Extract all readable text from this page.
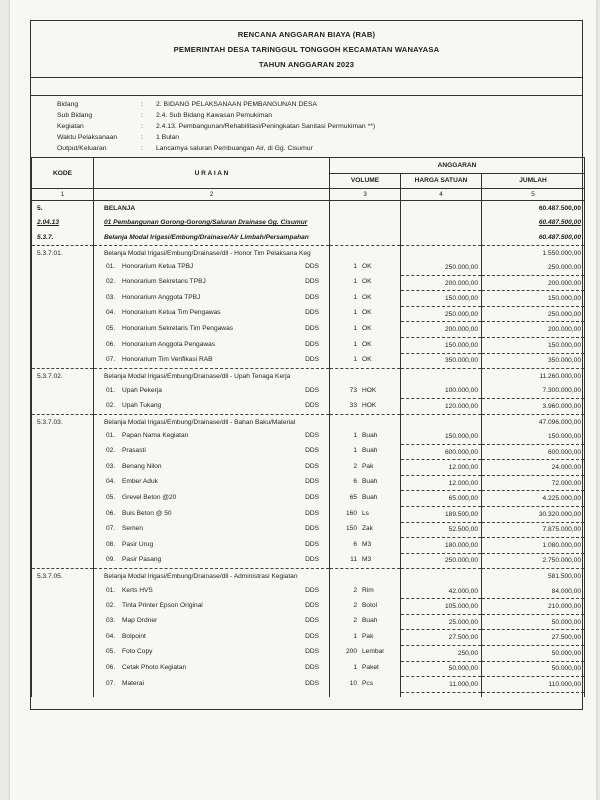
RENCANA ANGGARAN BIAYA (RAB)
PEMERINTAH DESA TARINGGUL TONGGOH KECAMATAN WANAYASA
TAHUN ANGGARAN 2023
Bidang	: 2. BIDANG PELAKSANAAN PEMBANGUNAN DESA
Sub Bidang	: 2.4. Sub Bidang Kawasan Pemukiman
Kegiatan	: 2.4.13. Pembangunan/Rehabilitasi/Peningkatan Sanitasi Permukiman **)
Waktu Pelaksanaan	: 1 Bulan
Output/Keluaran	: Lancarnya saluran Pembuangan Air, di Gg. Cisumur
KODE	U R A I A N	ANGGARAN		
		VOLUME	HARGA SATUAN	JUMLAH
1	2	3	4	5
5.	BELANJA			60.487.500,00
2.04.13	01 Pembangunan Gorong-Gorong/Saluran Drainase Gg. Cisumur			60.487.500,00
5.3.7.	Belanja Modal Irigasi/Embung/Drainase/Air Limbah/Persampahan			60.487.500,00
5.3.7.01.	Belanja Modal Irigasi/Embung/Drainase/dll - Honor Tim Pelaksana Keg			1.550.000,00

	01. Honorarium Ketua TPBJ DDS	1 OK	250.000,00	250.000,00

	02. Honorarium Sekretaris TPBJ DDS	1 OK	200.000,00	200.000,00

	03. Honorarium Anggota TPBJ DDS	1 OK	150.000,00	150.000,00

	04. Honorarium Ketua Tim Pengawas DDS	1 OK	250.000,00	250.000,00

	05. Honorarium Sekretaris Tim Pengawas DDS	1 OK	200.000,00	200.000,00

	06. Honorarium Anggota Pengawas DDS	1 OK	150.000,00	150.000,00

	07. Honorarium Tim Verifikasi RAB DDS	1 OK	350.000,00	350.000,00
5.3.7.02.	Belanja Modal Irigasi/Embung/Drainase/dll - Upah Tenaga Kerja			11.260.000,00

	01. Upah Pekerja DDS	73 HOK	100.000,00	7.300.000,00

	02. Upah Tukang DDS	33 HOK	120.000,00	3.960.000,00
5.3.7.03.	Belanja Modal Irigasi/Embung/Drainase/dll - Bahan Baku/Material			47.096.000,00

	01. Papan Nama Kegiatan DDS	1 Buah	150.000,00	150.000,00

	02. Prasasti DDS	1 Buah	600.000,00	600.000,00

	03. Benang Nilon DDS	2 Pak	12.000,00	24.000,00

	04. Ember Aduk DDS	6 Buah	12.000,00	72.000,00

	05. Grevel Beton @20 DDS	65 Buah	65.000,00	4.225.000,00

	06. Buis Beton @ 50 DDS	160 Ls	189.500,00	30.320.000,00

	07. Semen DDS	150 Zak	52.500,00	7.875.000,00

	08. Pasir Urug DDS	6 M3	180.000,00	1.080.000,00

	09. Pasir Pasang DDS	11 M3	250.000,00	2.750.000,00
5.3.7.05.	Belanja Modal Irigasi/Embung/Drainase/dll - Administrasi Kegiatan			581.500,00

	01. Kerts HVS DDS	2 Rim	42.000,00	84.000,00

	02. Tinta Printer Epson Original DDS	2 Botol	105.000,00	210.000,00

	03. Map Ordner DDS	2 Buah	25.000,00	50.000,00

	04. Bolpoint DDS	1 Pak	27.500,00	27.500,00

	05. Foto Copy DDS	200 Lembar	250,00	50.000,00

	06. Cetak Photo Kegiatan DDS	1 Paket	50.000,00	50.000,00

	07. Materai DDS	10 Pcs	11.000,00	110.000,00
